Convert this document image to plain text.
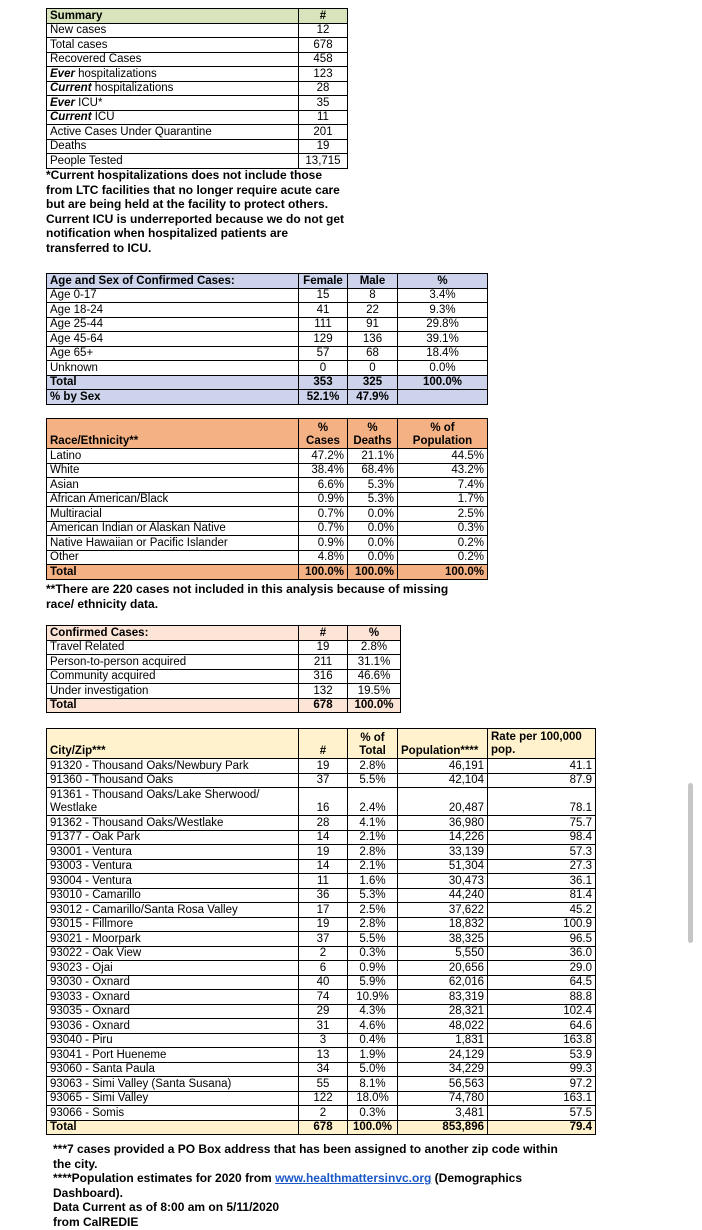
Summary	#
New cases	12
Total cases	678
Recovered Cases	458
Ever hospitalizations	123
Current hospitalizations	28
Ever ICU*	35
Current ICU	11
Active Cases Under Quarantine	201
Deaths	19
People Tested	13,715
*Current hospitalizations does not include those from LTC facilities that no longer require acute care but are being held at the facility to protect others. Current ICU is underreported because we do not get notification when hospitalized patients are transferred to ICU.
Age and Sex of Confirmed Cases:	Female	Male	%
Age 0-17	15	8	3.4%
Age 18-24	41	22	9.3%
Age 25-44	111	91	29.8%
Age 45-64	129	136	39.1%
Age 65+	57	68	18.4%
Unknown	0	0	0.0%
Total	353	325	100.0%
% by Sex	52.1%	47.9%	
Race/Ethnicity**	% Cases	% Deaths	% of Population
Latino	47.2%	21.1%	44.5%
White	38.4%	68.4%	43.2%
Asian	6.6%	5.3%	7.4%
African American/Black	0.9%	5.3%	1.7%
Multiracial	0.7%	0.0%	2.5%
American Indian or Alaskan Native	0.7%	0.0%	0.3%
Native Hawaiian or Pacific Islander	0.9%	0.0%	0.2%
Other	4.8%	0.0%	0.2%
Total	100.0%	100.0%	100.0%
**There are 220 cases not included in this analysis because of missing race/ ethnicity data.
Confirmed Cases:	#	%
Travel Related	19	2.8%
Person-to-person acquired	211	31.1%
Community acquired	316	46.6%
Under investigation	132	19.5%
Total	678	100.0%
City/Zip***	#	% of Total	Population****	Rate per 100,000 pop.
91320 - Thousand Oaks/Newbury Park	19	2.8%	46,191	41.1
91360 - Thousand Oaks	37	5.5%	42,104	87.9
91361 - Thousand Oaks/Lake Sherwood/				
Westlake	16	2.4%	20,487	78.1
91362 - Thousand Oaks/Westlake	28	4.1%	36,980	75.7
91377 - Oak Park	14	2.1%	14,226	98.4
93001 - Ventura	19	2.8%	33,139	57.3
93003 - Ventura	14	2.1%	51,304	27.3
93004 - Ventura	11	1.6%	30,473	36.1
93010 - Camarillo	36	5.3%	44,240	81.4
93012 - Camarillo/Santa Rosa Valley	17	2.5%	37,622	45.2
93015 - Fillmore	19	2.8%	18,832	100.9
93021 - Moorpark	37	5.5%	38,325	96.5
93022 - Oak View	2	0.3%	5,550	36.0
93023 - Ojai	6	0.9%	20,656	29.0
93030 - Oxnard	40	5.9%	62,016	64.5
93033 - Oxnard	74	10.9%	83,319	88.8
93035 - Oxnard	29	4.3%	28,321	102.4
93036 - Oxnard	31	4.6%	48,022	64.6
93040 - Piru	3	0.4%	1,831	163.8
93041 - Port Hueneme	13	1.9%	24,129	53.9
93060 - Santa Paula	34	5.0%	34,229	99.3
93063 - Simi Valley (Santa Susana)	55	8.1%	56,563	97.2
93065 - Simi Valley	122	18.0%	74,780	163.1
93066 - Somis	2	0.3%	3,481	57.5
Total	678	100.0%	853,896	79.4
***7 cases provided a PO Box address that has been assigned to another zip code within the city.
****Population estimates for 2020 from www.healthmattersinvc.org (Demographics Dashboard).
Data Current as of 8:00 am on 5/11/2020
from CalREDIE
